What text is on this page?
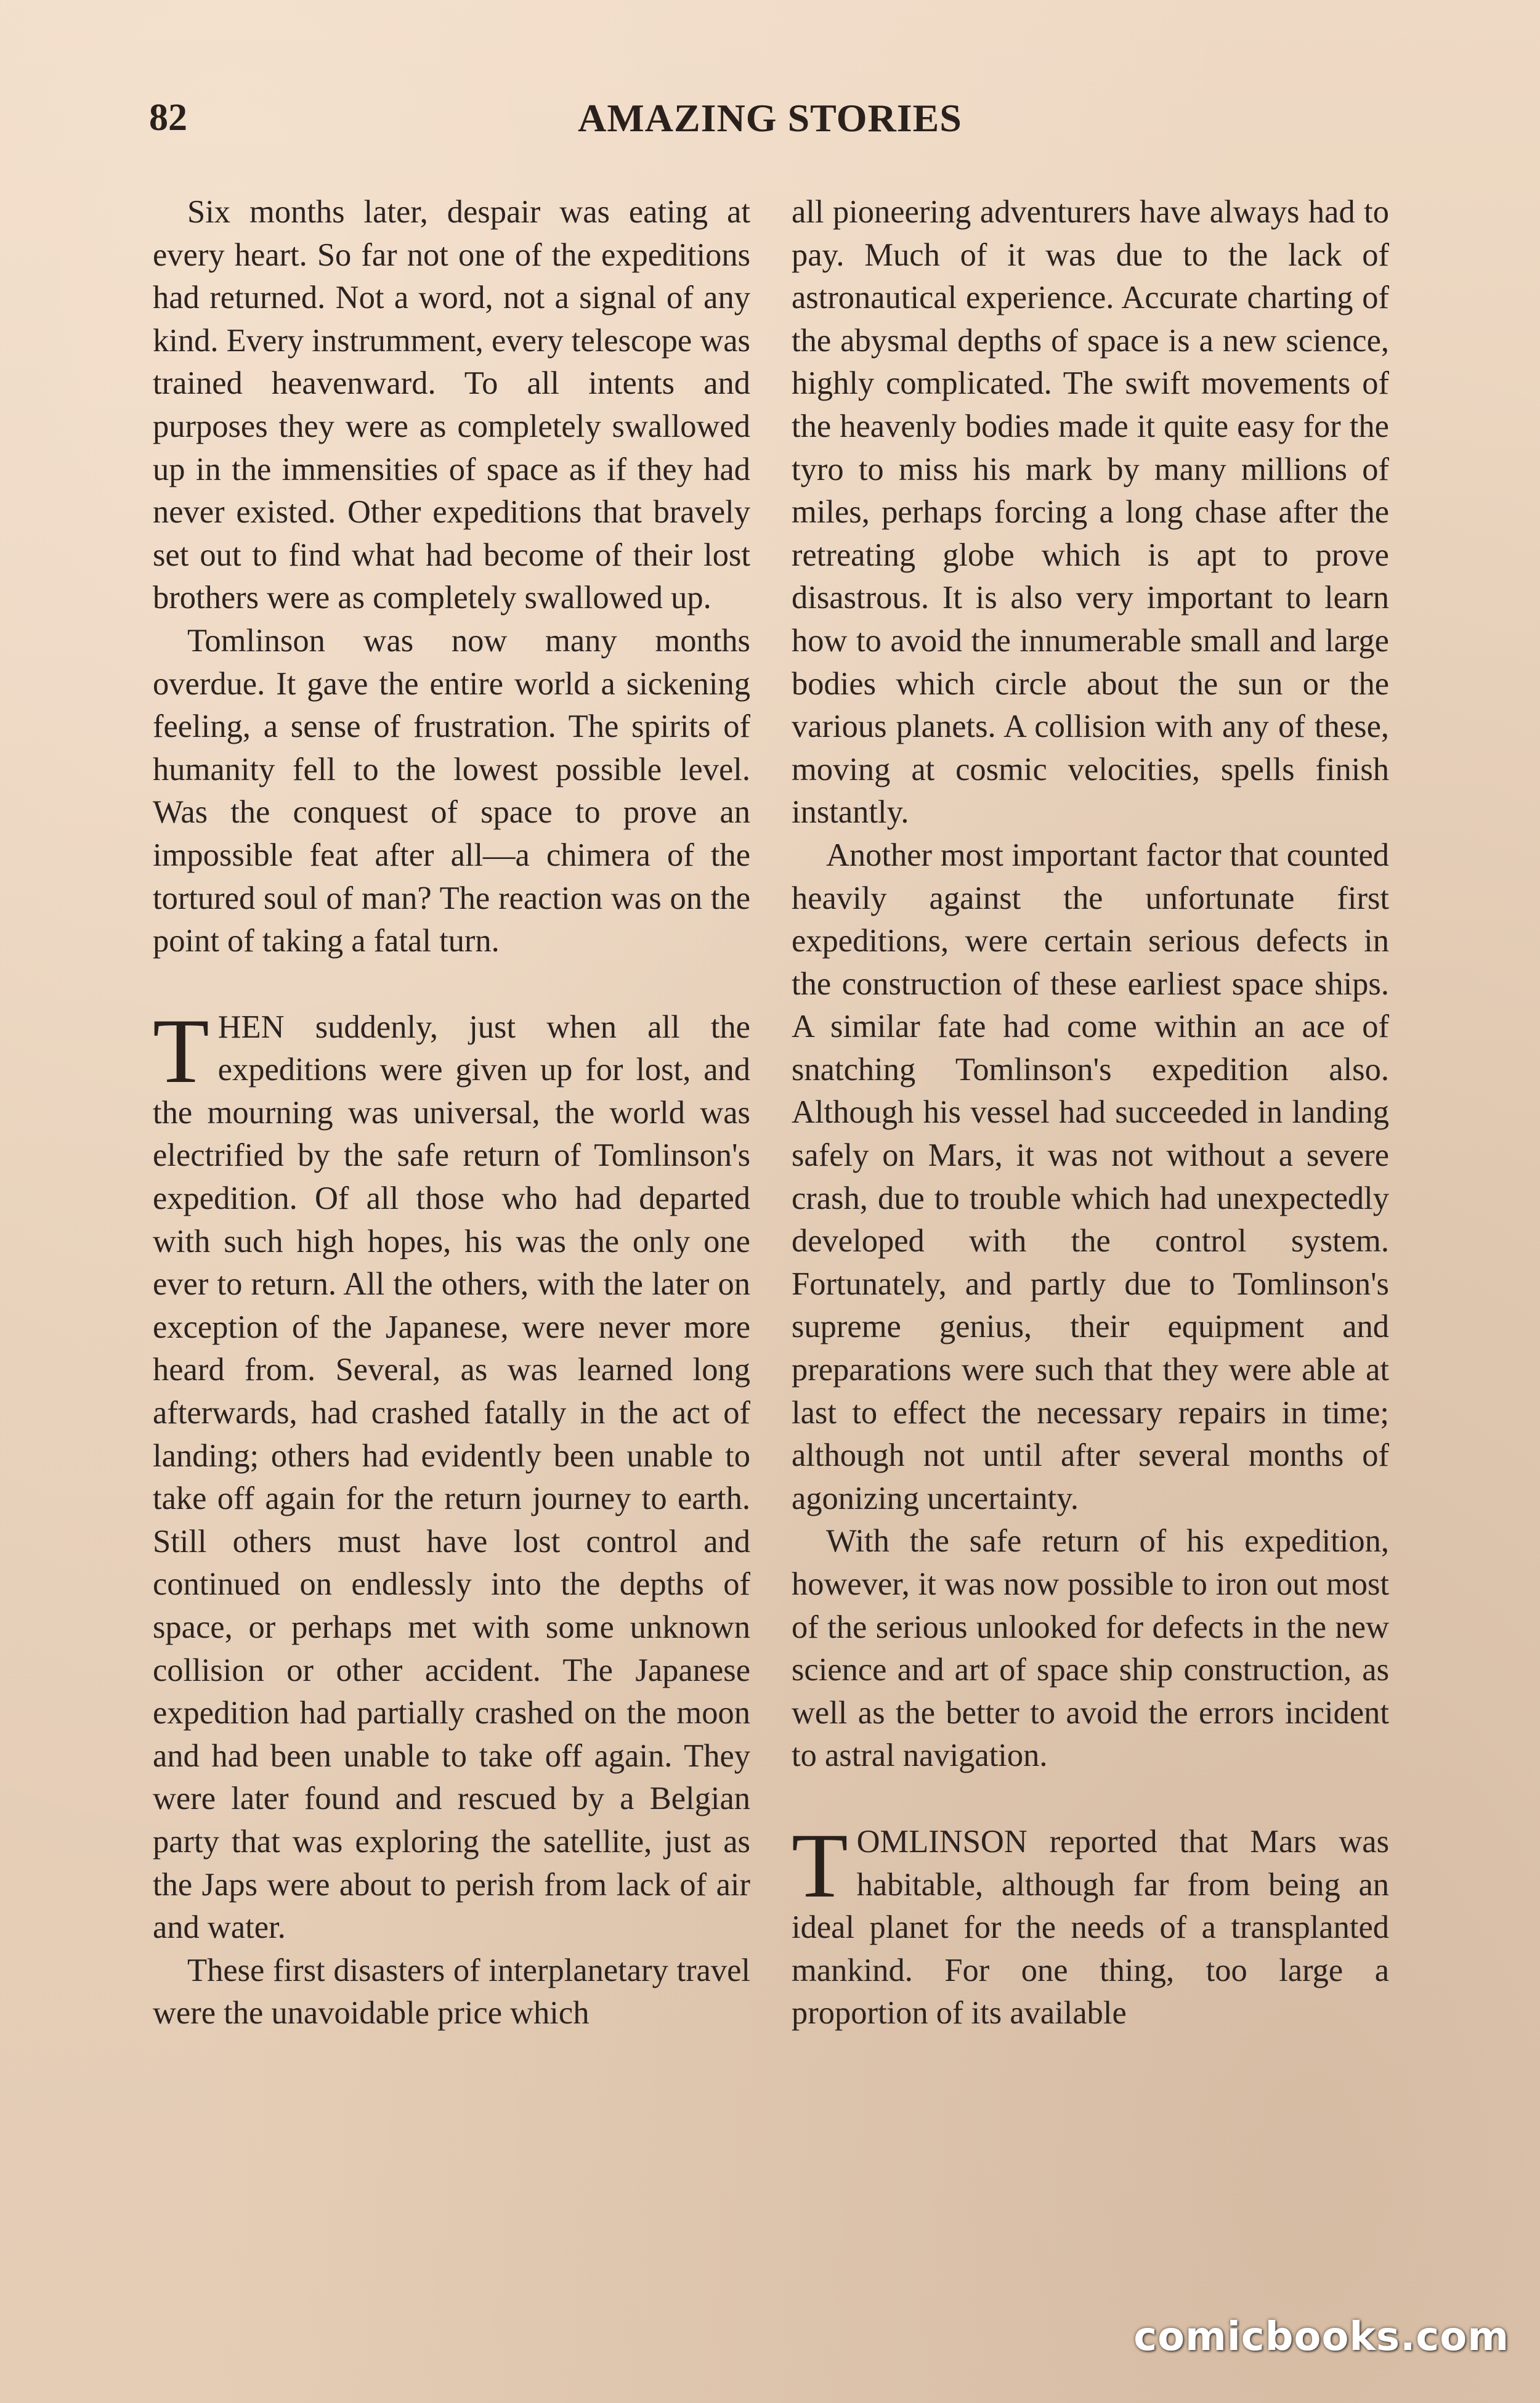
82	AMAZING STORIES

Six months later, despair was eating at every heart. So far not one of the expeditions had returned. Not a word, not a signal of any kind. Every instrumment, every telescope was trained heavenward. To all intents and purposes they were as completely swallowed up in the immensities of space as if they had never existed. Other expeditions that bravely set out to find what had become of their lost brothers were as completely swallowed up.

Tomlinson was now many months overdue. It gave the entire world a sickening feeling, a sense of frustration. The spirits of humanity fell to the lowest possible level. Was the conquest of space to prove an impossible feat after all—a chimera of the tortured soul of man? The reaction was on the point of taking a fatal turn.

THEN suddenly, just when all the expeditions were given up for lost, and the mourning was universal, the world was electrified by the safe return of Tomlinson's expedition. Of all those who had departed with such high hopes, his was the only one ever to return. All the others, with the later on exception of the Japanese, were never more heard from. Several, as was learned long afterwards, had crashed fatally in the act of landing; others had evidently been unable to take off again for the return journey to earth. Still others must have lost control and continued on endlessly into the depths of space, or perhaps met with some unknown collision or other accident. The Japanese expedition had partially crashed on the moon and had been unable to take off again. They were later found and rescued by a Belgian party that was exploring the satellite, just as the Japs were about to perish from lack of air and water.

These first disasters of interplanetary travel were the unavoidable price which

all pioneering adventurers have always had to pay. Much of it was due to the lack of astronautical experience. Accurate charting of the abysmal depths of space is a new science, highly complicated. The swift movements of the heavenly bodies made it quite easy for the tyro to miss his mark by many millions of miles, perhaps forcing a long chase after the retreating globe which is apt to prove disastrous. It is also very important to learn how to avoid the innumerable small and large bodies which circle about the sun or the various planets. A collision with any of these, moving at cosmic velocities, spells finish instantly.

Another most important factor that counted heavily against the unfortunate first expeditions, were certain serious defects in the construction of these earliest space ships. A similar fate had come within an ace of snatching Tomlinson's expedition also. Although his vessel had succeeded in landing safely on Mars, it was not without a severe crash, due to trouble which had unexpectedly developed with the control system. Fortunately, and partly due to Tomlinson's supreme genius, their equipment and preparations were such that they were able at last to effect the necessary repairs in time; although not until after several months of agonizing uncertainty.

With the safe return of his expedition, however, it was now possible to iron out most of the serious unlooked for defects in the new science and art of space ship construction, as well as the better to avoid the errors incident to astral navigation.

TOMLINSON reported that Mars was habitable, although far from being an ideal planet for the needs of a transplanted mankind. For one thing, too large a proportion of its available

comicbooks.com
